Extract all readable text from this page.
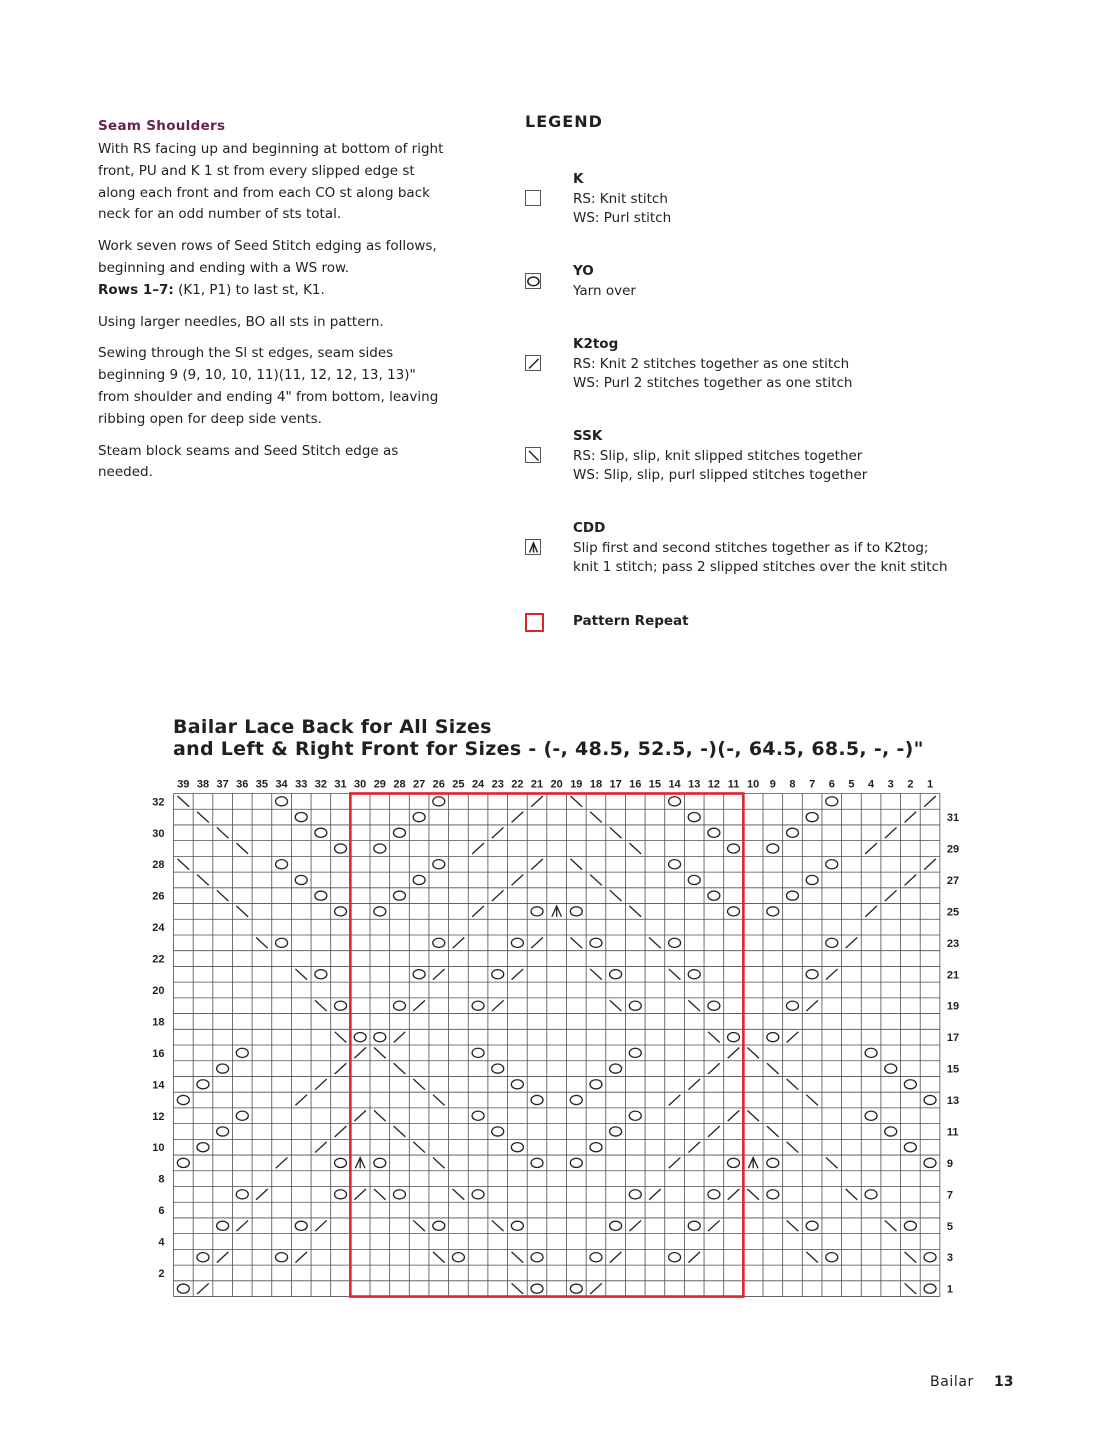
Seam Shoulders

With RS facing up and beginning at bottom of right front, PU and K 1 st from every slipped edge st along each front and from each CO st along back neck for an odd number of sts total.

Work seven rows of Seed Stitch edging as follows, beginning and ending with a WS row.

Rows 1–7: (K1, P1) to last st, K1.

Using larger needles, BO all sts in pattern.

Sewing through the Sl st edges, seam sides beginning 9 (9, 10, 10, 11)(11, 12, 12, 13, 13)" from shoulder and ending 4" from bottom, leaving ribbing open for deep side vents.

Steam block seams and Seed Stitch edge as needed.

LEGEND
K
RS: Knit stitch
WS: Purl stitch
YO
Yarn over
K2tog
RS: Knit 2 stitches together as one stitch
WS: Purl 2 stitches together as one stitch
SSK
RS: Slip, slip, knit slipped stitches together
WS: Slip, slip, purl slipped stitches together
CDD
Slip first and second stitches together as if to K2tog;
knit 1 stitch; pass 2 slipped stitches over the knit stitch
Pattern Repeat
Bailar Lace Back for All Sizes
and Left & Right Front for Sizes - (-, 48.5, 52.5, -)(-, 64.5, 68.5, -, -)"
1
2
3
4
5
6
7
8
9
10
11
12
13
14
15
16
17
18
19
20
21
22
23
24
25
26
27
28
29
30
31
32
33
34
35
36
37
38
39
1
2
3
4
5
6
7
8
9
10
11
12
13
14
15
16
17
18
19
20
21
22
23
24
25
26
27
28
29
30
31
32
Bailar 13
